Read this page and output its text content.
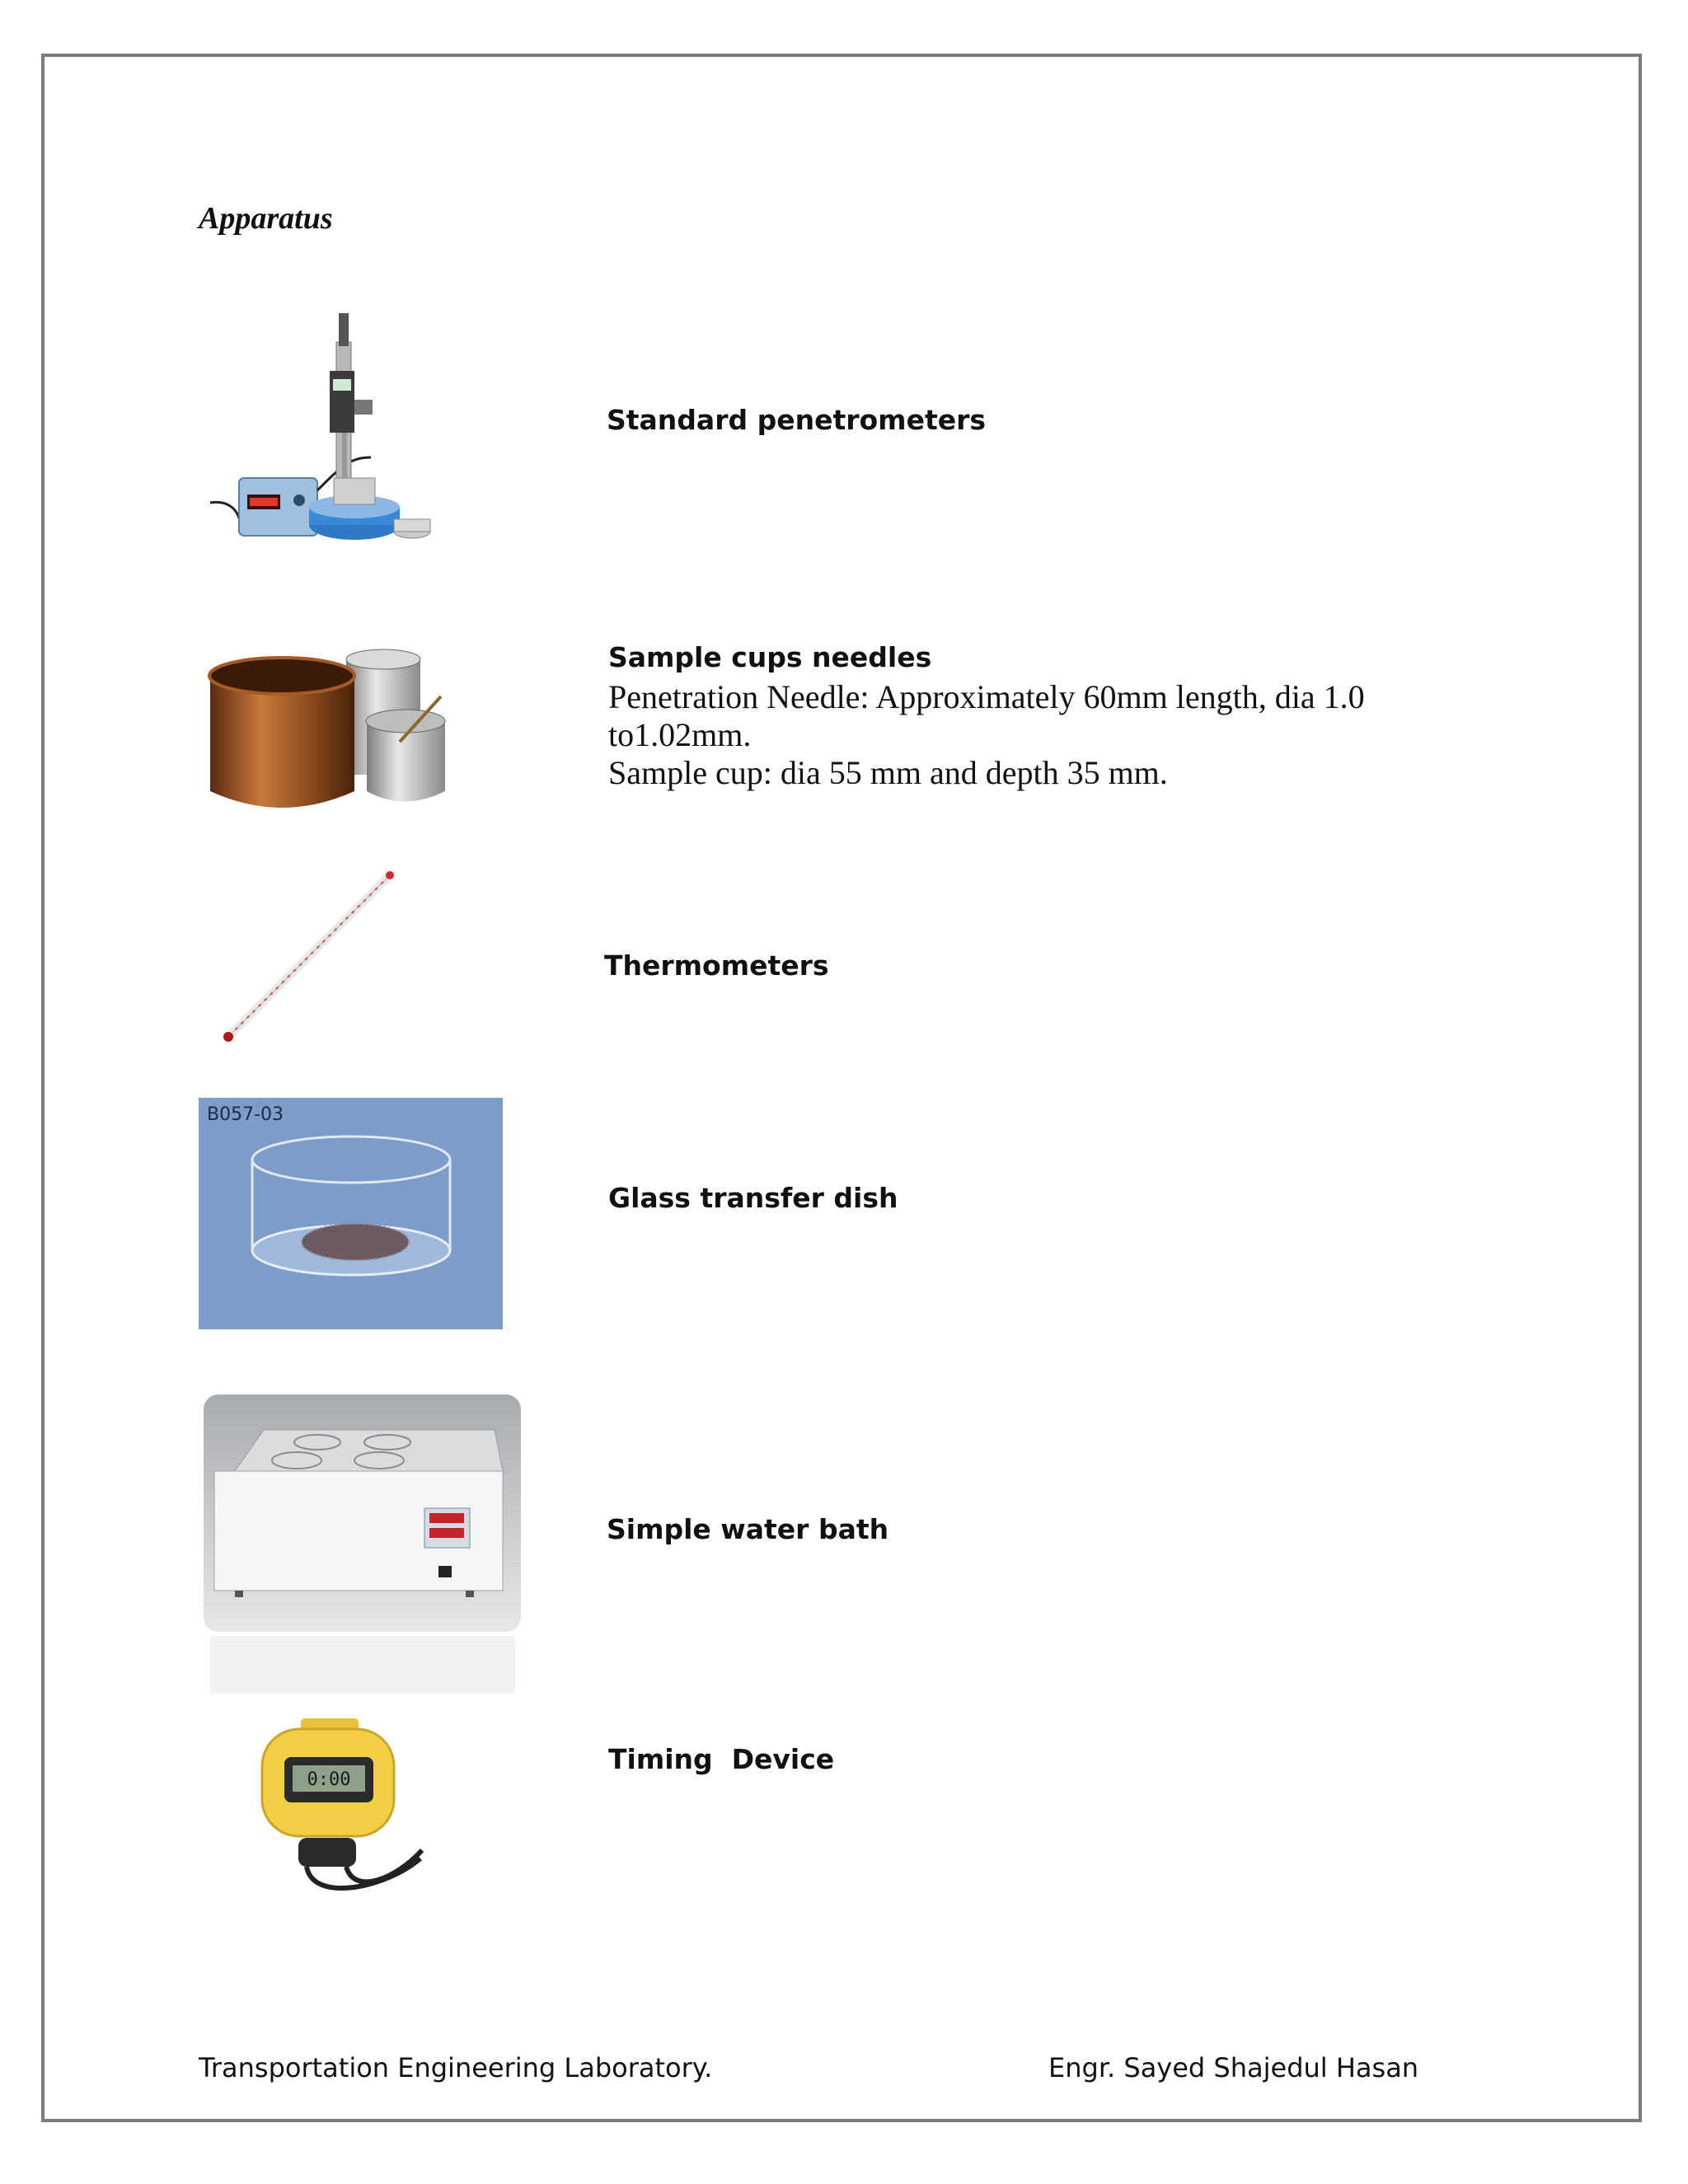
Apparatus
Standard penetrometers
Sample cups needles
Penetration Needle: Approximately 60mm length, dia 1.0
to1.02mm.
Sample cup: dia 55 mm and depth 35 mm.
Thermometers
B057-03
Glass transfer dish
Simple water bath
0:00
Timing  Device
Transportation Engineering Laboratory.	Engr. Sayed Shajedul Hasan
